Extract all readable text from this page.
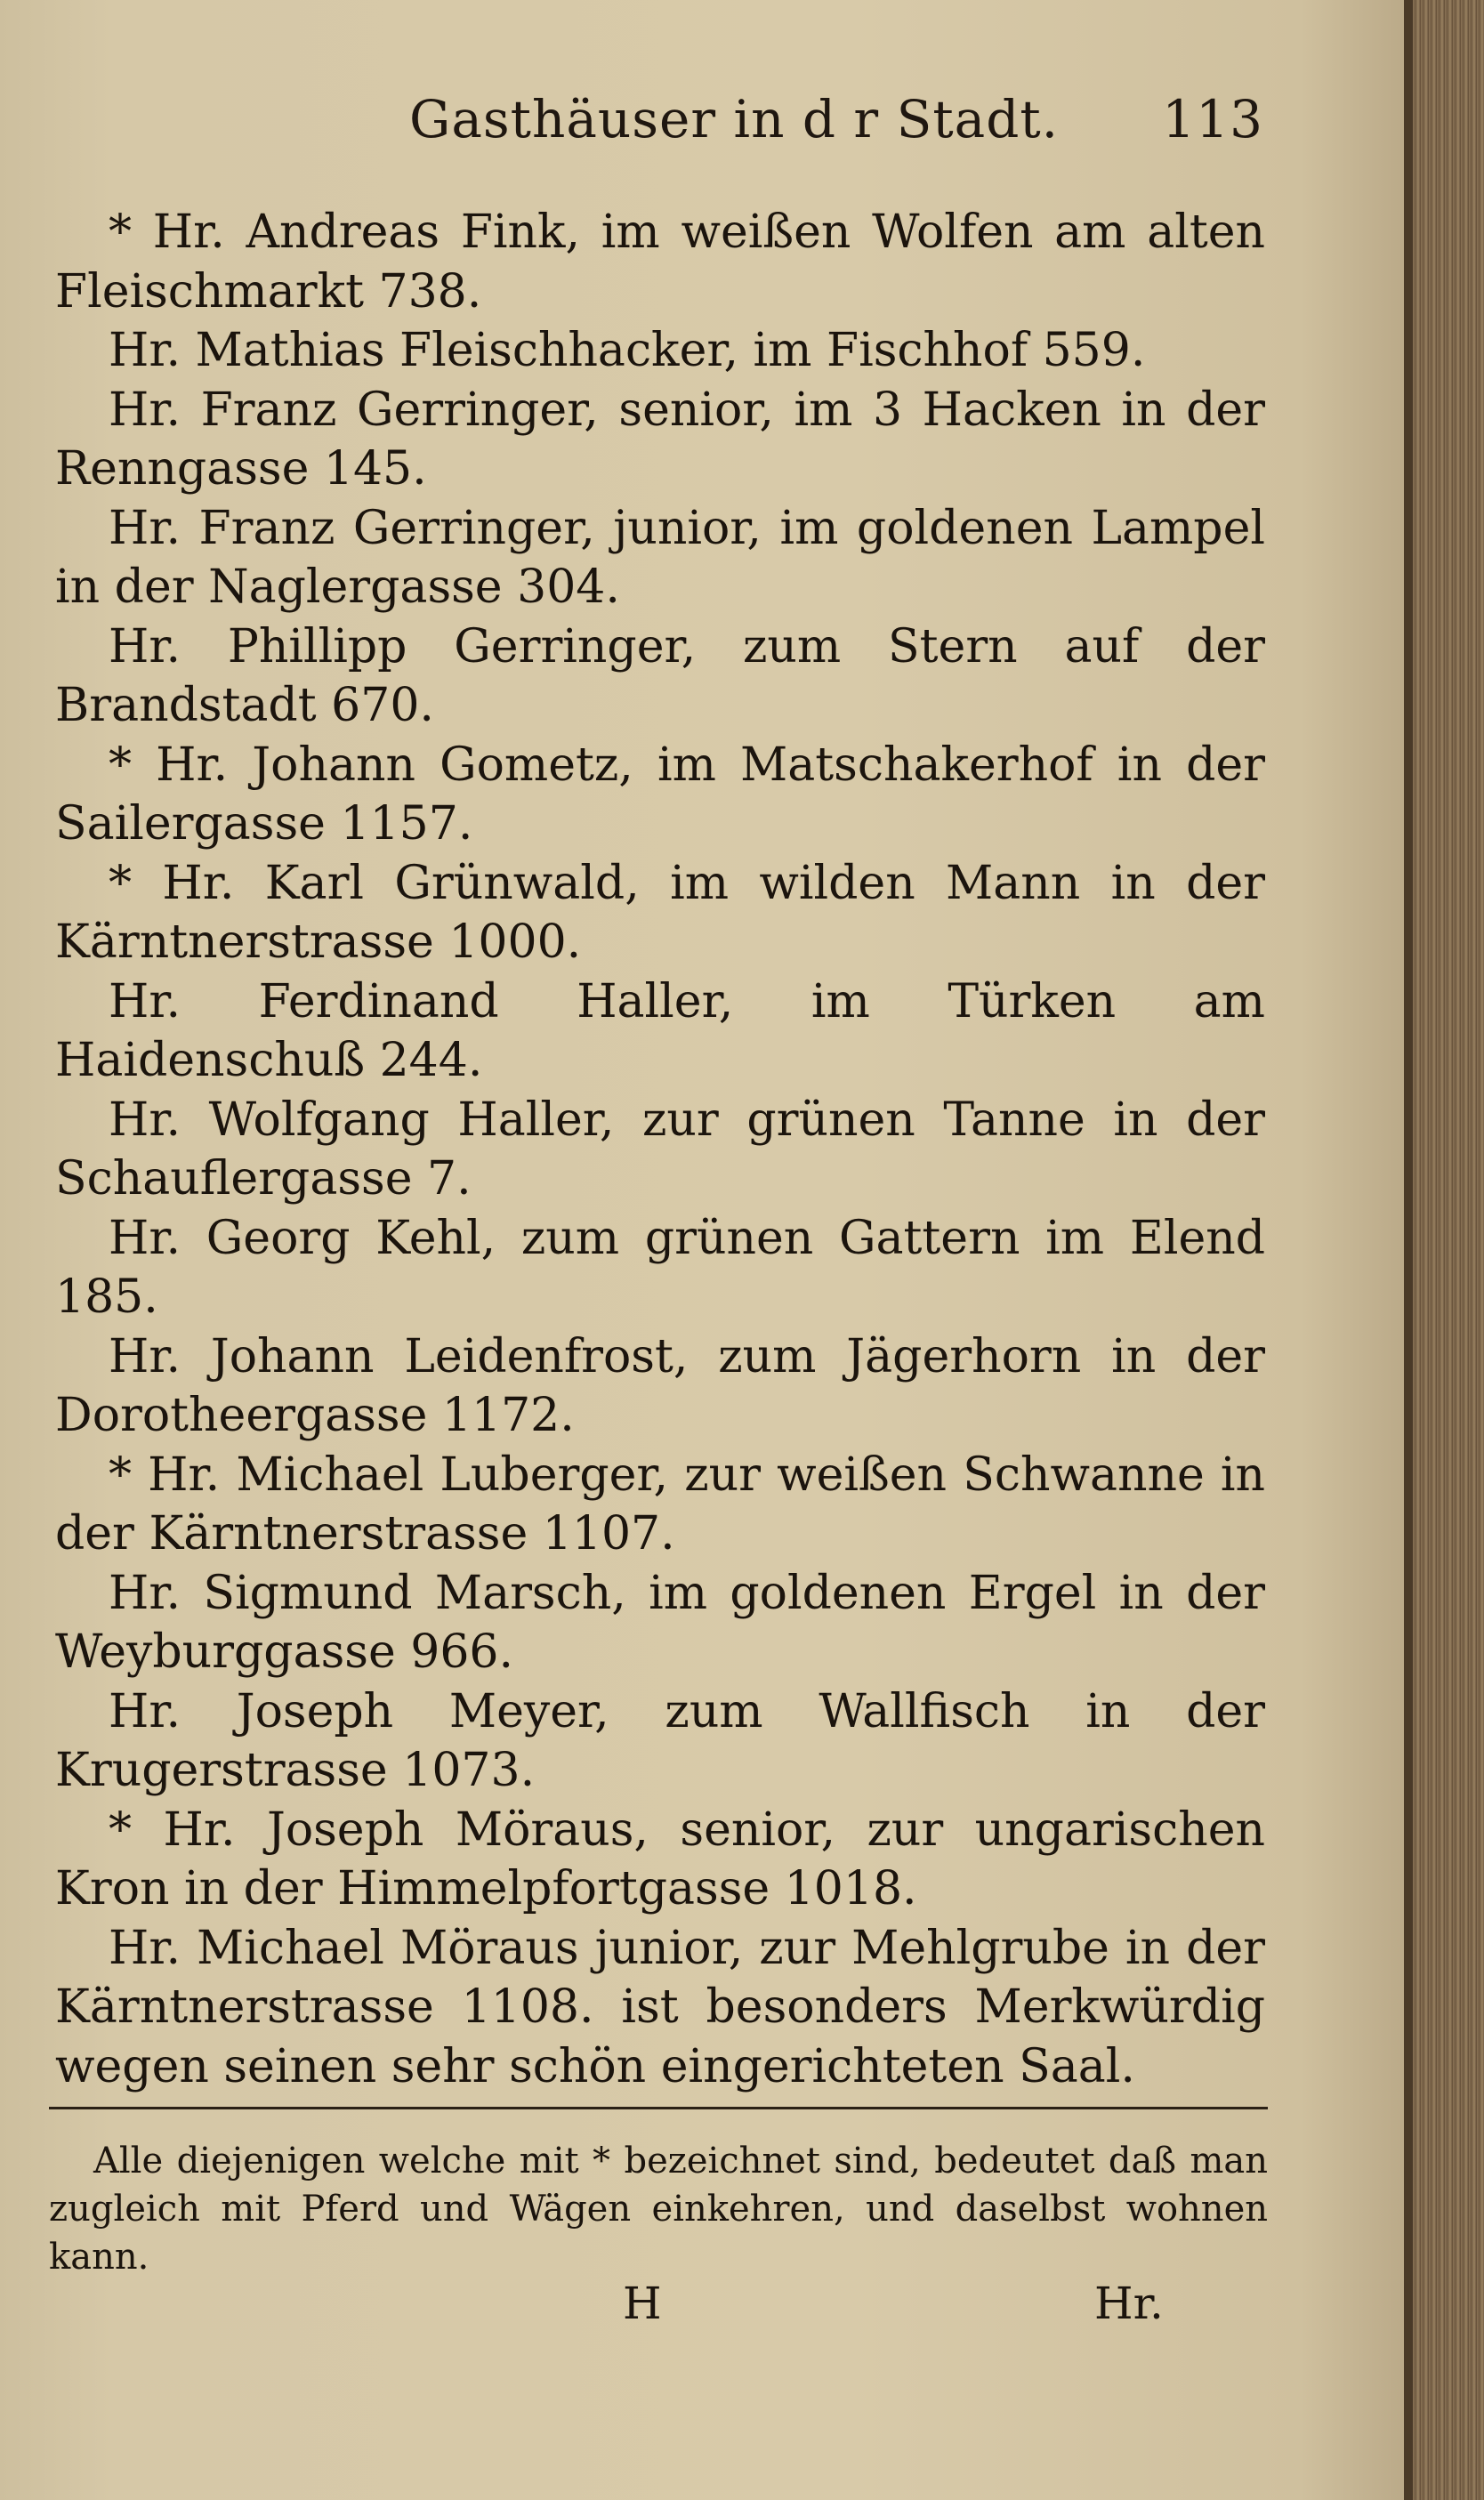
Gasthäuser in d r Stadt. 113

* Hr. Andreas Fink, im weißen Wolfen am alten Fleischmarkt 738.

Hr. Mathias Fleischhacker, im Fischhof 559.

Hr. Franz Gerringer, senior, im 3 Hacken in der Renngasse 145.

Hr. Franz Gerringer, junior, im goldenen Lampel in der Naglergasse 304.

Hr. Phillipp Gerringer, zum Stern auf der Brandstadt 670.

* Hr. Johann Gometz, im Matschakerhof in der Sailergasse 1157.

* Hr. Karl Grünwald, im wilden Mann in der Kärntnerstrasse 1000.

Hr. Ferdinand Haller, im Türken am Haidenschuß 244.

Hr. Wolfgang Haller, zur grünen Tanne in der Schauflergasse 7.

Hr. Georg Kehl, zum grünen Gattern im Elend 185.

Hr. Johann Leidenfrost, zum Jägerhorn in der Dorotheergasse 1172.

* Hr. Michael Luberger, zur weißen Schwanne in der Kärntnerstrasse 1107.

Hr. Sigmund Marsch, im goldenen Ergel in der Weyburggasse 966.

Hr. Joseph Meyer, zum Wallfisch in der Krugerstrasse 1073.

* Hr. Joseph Möraus, senior, zur ungarischen Kron in der Himmelpfortgasse 1018.

Hr. Michael Möraus junior, zur Mehlgrube in der Kärntnerstrasse 1108. ist besonders Merkwürdig wegen seinen sehr schön eingerichteten Saal.

Alle diejenigen welche mit * bezeichnet sind, bedeutet daß man zugleich mit Pferd und Wägen einkehren, und daselbst wohnen kann.
H	Hr.
